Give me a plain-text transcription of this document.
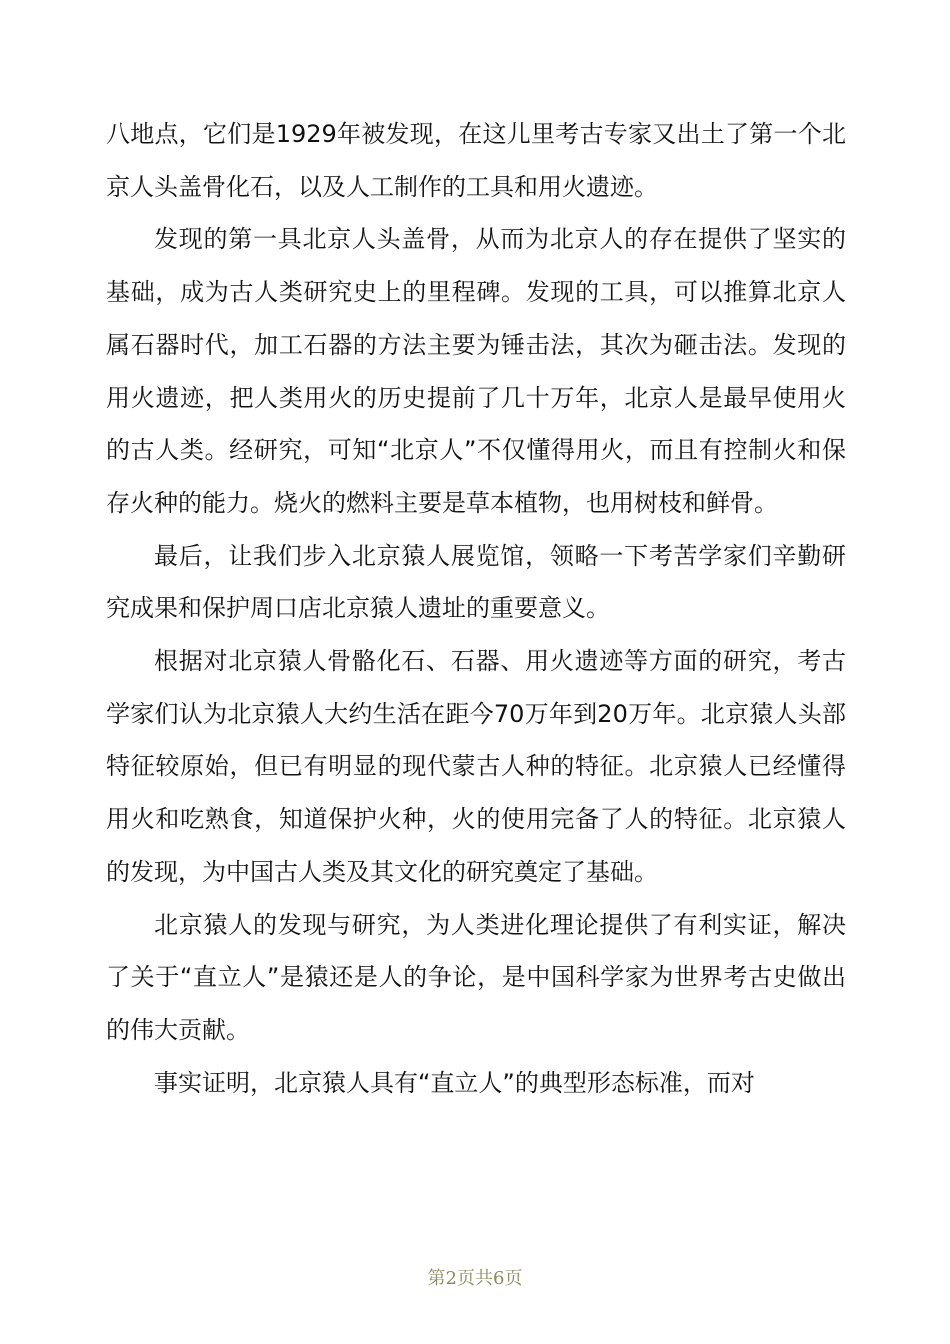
八地点，它们是1929年被发现，在这儿里考古专家又出土了第一个北京人头盖骨化石，以及人工制作的工具和用火遗迹。

发现的第一具北京人头盖骨，从而为北京人的存在提供了坚实的基础，成为古人类研究史上的里程碑。发现的工具，可以推算北京人属石器时代，加工石器的方法主要为锤击法，其次为砸击法。发现的用火遗迹，把人类用火的历史提前了几十万年，北京人是最早使用火的古人类。经研究，可知“北京人”不仅懂得用火，而且有控制火和保存火种的能力。烧火的燃料主要是草本植物，也用树枝和鲜骨。

最后，让我们步入北京猿人展览馆，领略一下考苦学家们辛勤研究成果和保护周口店北京猿人遗址的重要意义。

根据对北京猿人骨骼化石、石器、用火遗迹等方面的研究，考古学家们认为北京猿人大约生活在距今70万年到20万年。北京猿人头部特征较原始，但已有明显的现代蒙古人种的特征。北京猿人已经懂得用火和吃熟食，知道保护火种，火的使用完备了人的特征。北京猿人的发现，为中国古人类及其文化的研究奠定了基础。

北京猿人的发现与研究，为人类进化理论提供了有利实证，解决了关于“直立人”是猿还是人的争论，是中国科学家为世界考古史做出的伟大贡献。

事实证明，北京猿人具有“直立人”的典型形态标准，而对

第2页共6页
